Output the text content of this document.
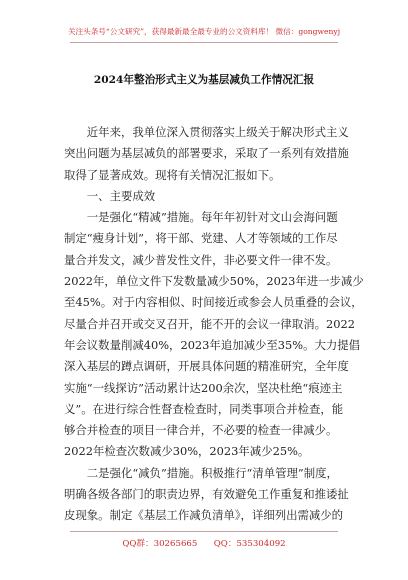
关注头条号“公文研究”，获得最新最全最专业的公文资料库！ 微信：gongwenyj
2024年整治形式主义为基层减负工作情况汇报
　　近年来，我单位深入贯彻落实上级关于解决形式主义
突出问题为基层减负的部署要求，采取了一系列有效措施
取得了显著成效。现将有关情况汇报如下。
　　一、主要成效
　　一是强化“精减”措施。每年年初针对文山会海问题
制定“瘦身计划”，将干部、党建、人才等领域的工作尽
量合并发文，减少普发性文件，非必要文件一律不发。
2022年，单位文件下发数量减少50%，2023年进一步减少
至45%。对于内容相似、时间接近或参会人员重叠的会议，
尽量合并召开或交叉召开，能不开的会议一律取消。2022
年会议数量削减40%，2023年追加减少至35%。大力提倡
深入基层的蹲点调研，开展具体问题的精准研究，全年度
实施“一线探访”活动累计达200余次，坚决杜绝“痕迹主
义”。在进行综合性督查检查时，同类事项合并检查，能
够合并检查的项目一律合并，不必要的检查一律减少。
2022年检查次数减少30%，2023年减少25%。
　　二是强化“减负”措施。积极推行“清单管理”制度，
明确各级各部门的职责边界，有效避免工作重复和推诿扯
皮现象。制定《基层工作减负清单》，详细列出需减少的
QQ群：30265665      QQ：535304092
